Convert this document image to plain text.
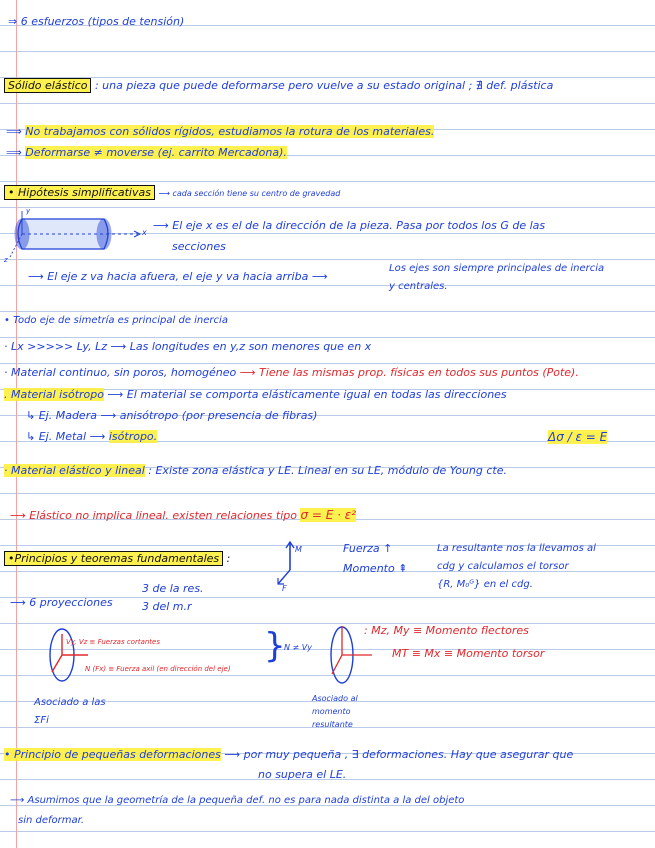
⇒ 6 esfuerzos (tipos de tensión)
Sólido elástico : una pieza que puede deformarse pero vuelve a su estado original ; ∄ def. plástica
⟹ No trabajamos con sólidos rígidos, estudiamos la rotura de los materiales.
⟹ Deformarse ≠ moverse (ej. carrito Mercadona).
• Hipótesis simplificativas ⟶ cada sección tiene su centro de gravedad
x
y
z
⟶ El eje x es el de la dirección de la pieza. Pasa por todos los G de las
secciones
⟶ El eje z va hacia afuera, el eje y va hacia arriba ⟶
Los ejes son siempre principales de inercia
y centrales.
• Todo eje de simetría es principal de inercia
· Lx >>>>> Ly, Lz ⟶ Las longitudes en y,z son menores que en x
· Material continuo, sin poros, homogéneo ⟶ Tiene las mismas prop. físicas en todos sus puntos (Pote).
. Material isótropo ⟶ El material se comporta elásticamente igual en todas las direcciones
↳ Ej. Madera ⟶ anisótropo (por presencia de fibras)
↳ Ej. Metal ⟶ isótropo.	Δσ / ε = E
· Material elástico y lineal : Existe zona elástica y LE. Lineal en su LE, módulo de Young cte.
⟶ Elástico no implica lineal. existen relaciones tipo σ = E · ε²
•Principios y teoremas fundamentales :
M
F
Fuerza ↑
Momento ⇞
La resultante nos la llevamos al
cdg y calculamos el torsor
{R, M₀ᴳ} en el cdg.
⟶ 6 proyecciones
3 de la res.
3 del m.r
Vy, Vz ≡ Fuerzas cortantes
N (Fx) ≡ Fuerza axil (en dirección del eje)
N ≠ Vy
}	: Mz, My ≡ Momento flectores
MT ≡ Mx ≡ Momento torsor
Asociado a las
ΣFi
Asociado al
momento
resultante
• Principio de pequeñas deformaciones ⟶ por muy pequeña , ∃ deformaciones. Hay que asegurar que
no supera el LE.
⟶ Asumimos que la geometría de la pequeña def. no es para nada distinta a la del objeto
sin deformar.
